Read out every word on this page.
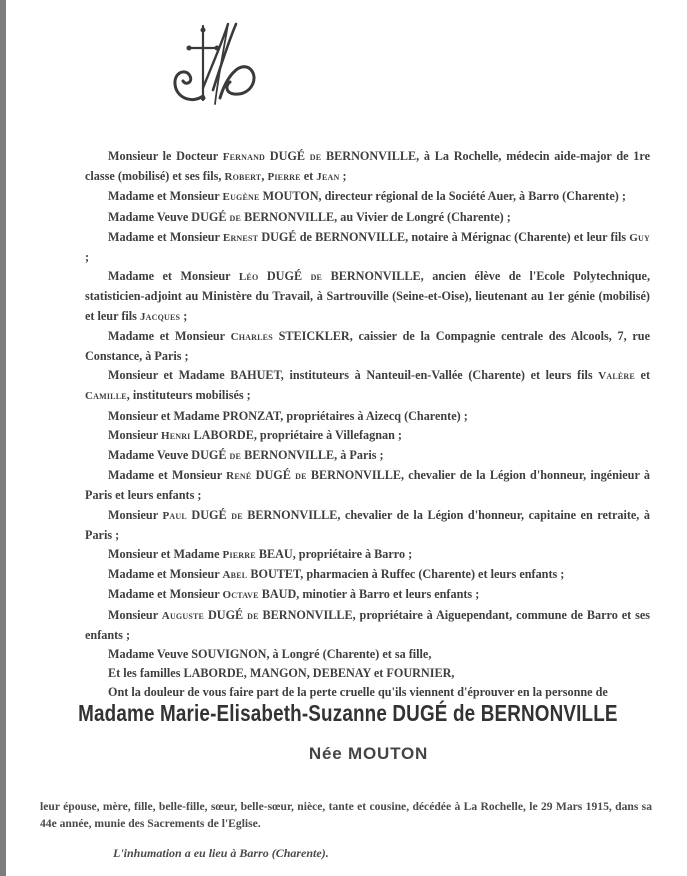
Monsieur le Docteur Fernand DUGÉ de BERNONVILLE, à La Rochelle, médecin aide-major de 1re classe (mobilisé) et ses fils, Robert, Pierre et Jean ;

Madame et Monsieur Eugène MOUTON, directeur régional de la Société Auer, à Barro (Charente) ;

Madame Veuve DUGÉ de BERNONVILLE, au Vivier de Longré (Charente) ;

Madame et Monsieur Ernest DUGÉ de BERNONVILLE, notaire à Mérignac (Charente) et leur fils Guy ;

Madame et Monsieur Léo DUGÉ de BERNONVILLE, ancien élève de l'Ecole Polytechnique, statisticien-adjoint au Ministère du Travail, à Sartrouville (Seine-et-Oise), lieutenant au 1er génie (mobilisé) et leur fils Jacques ;

Madame et Monsieur Charles STEICKLER, caissier de la Compagnie centrale des Alcools, 7, rue Constance, à Paris ;

Monsieur et Madame BAHUET, instituteurs à Nanteuil-en-Vallée (Charente) et leurs fils Valère et Camille, instituteurs mobilisés ;

Monsieur et Madame PRONZAT, propriétaires à Aizecq (Charente) ;

Monsieur Henri LABORDE, propriétaire à Villefagnan ;

Madame Veuve DUGÉ de BERNONVILLE, à Paris ;

Madame et Monsieur René DUGÉ de BERNONVILLE, chevalier de la Légion d'honneur, ingénieur à Paris et leurs enfants ;

Monsieur Paul DUGÉ de BERNONVILLE, chevalier de la Légion d'honneur, capitaine en retraite, à Paris ;

Monsieur et Madame Pierre BEAU, propriétaire à Barro ;

Madame et Monsieur Abel BOUTET, pharmacien à Ruffec (Charente) et leurs enfants ;

Madame et Monsieur Octave BAUD, minotier à Barro et leurs enfants ;

Monsieur Auguste DUGÉ de BERNONVILLE, propriétaire à Aiguependant, commune de Barro et ses enfants ;

Madame Veuve SOUVIGNON, à Longré (Charente) et sa fille,

Et les familles LABORDE, MANGON, DEBENAY et FOURNIER,

Ont la douleur de vous faire part de la perte cruelle qu'ils viennent d'éprouver en la personne de

Madame Marie-Elisabeth-Suzanne DUGÉ de BERNONVILLE
Née MOUTON
leur épouse, mère, fille, belle-fille, sœur, belle-sœur, nièce, tante et cousine, décédée à La Rochelle, le 29 Mars 1915, dans sa 44e année, munie des Sacrements de l'Eglise.
L'inhumation a eu lieu à Barro (Charente).
